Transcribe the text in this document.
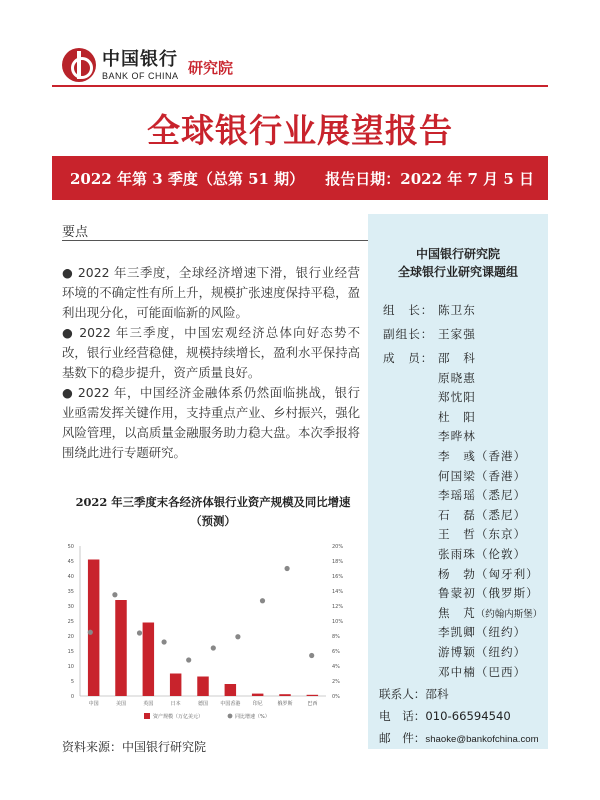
中国银行
BANK OF CHINA 研究院
全球银行业展望报告
2022 年第 3 季度（总第 51 期） 报告日期：2022 年 7 月 5 日
要点
● 2022 年三季度，全球经济增速下滑，银行业经营环境的不确定性有所上升，规模扩张速度保持平稳，盈利出现分化，可能面临新的风险。
● 2022 年三季度，中国宏观经济总体向好态势不改，银行业经营稳健，规模持续增长，盈利水平保持高基数下的稳步提升，资产质量良好。
● 2022 年，中国经济金融体系仍然面临挑战，银行业亟需发挥关键作用，支持重点产业、乡村振兴，强化风险管理，以高质量金融服务助力稳大盘。本次季报将围绕此进行专题研究。
2022 年三季度末各经济体银行业资产规模及同比增速
（预测）
0
5
10
15
20
25
30
35
40
45
50
0%
2%
4%
6%
8%
10%
12%
14%
16%
18%
20%
中国	美国	英国	日本	德国 中国香港 印尼	俄罗斯	巴西
资产规模（万亿美元）	同比增速（%）
资料来源：中国银行研究院
中国银行研究院
全球银行业研究课题组
组　长： 陈卫东
副组长： 王家强
成　员： 邵　科
原晓惠
郑忱阳
杜　阳
李晔林
李　彧（香港）
何国梁（香港）
李瑶瑶（悉尼）
石　磊（悉尼）
王　哲（东京）
张雨珠（伦敦）
杨　勃（匈牙利）
鲁蒙初（俄罗斯）
焦　芃（约翰内斯堡）
李凯卿（纽约）
游博颖（纽约）
邓中楠（巴西）
联系人：邵科
电　话：010-66594540
邮　件：shaoke@bankofchina.com
